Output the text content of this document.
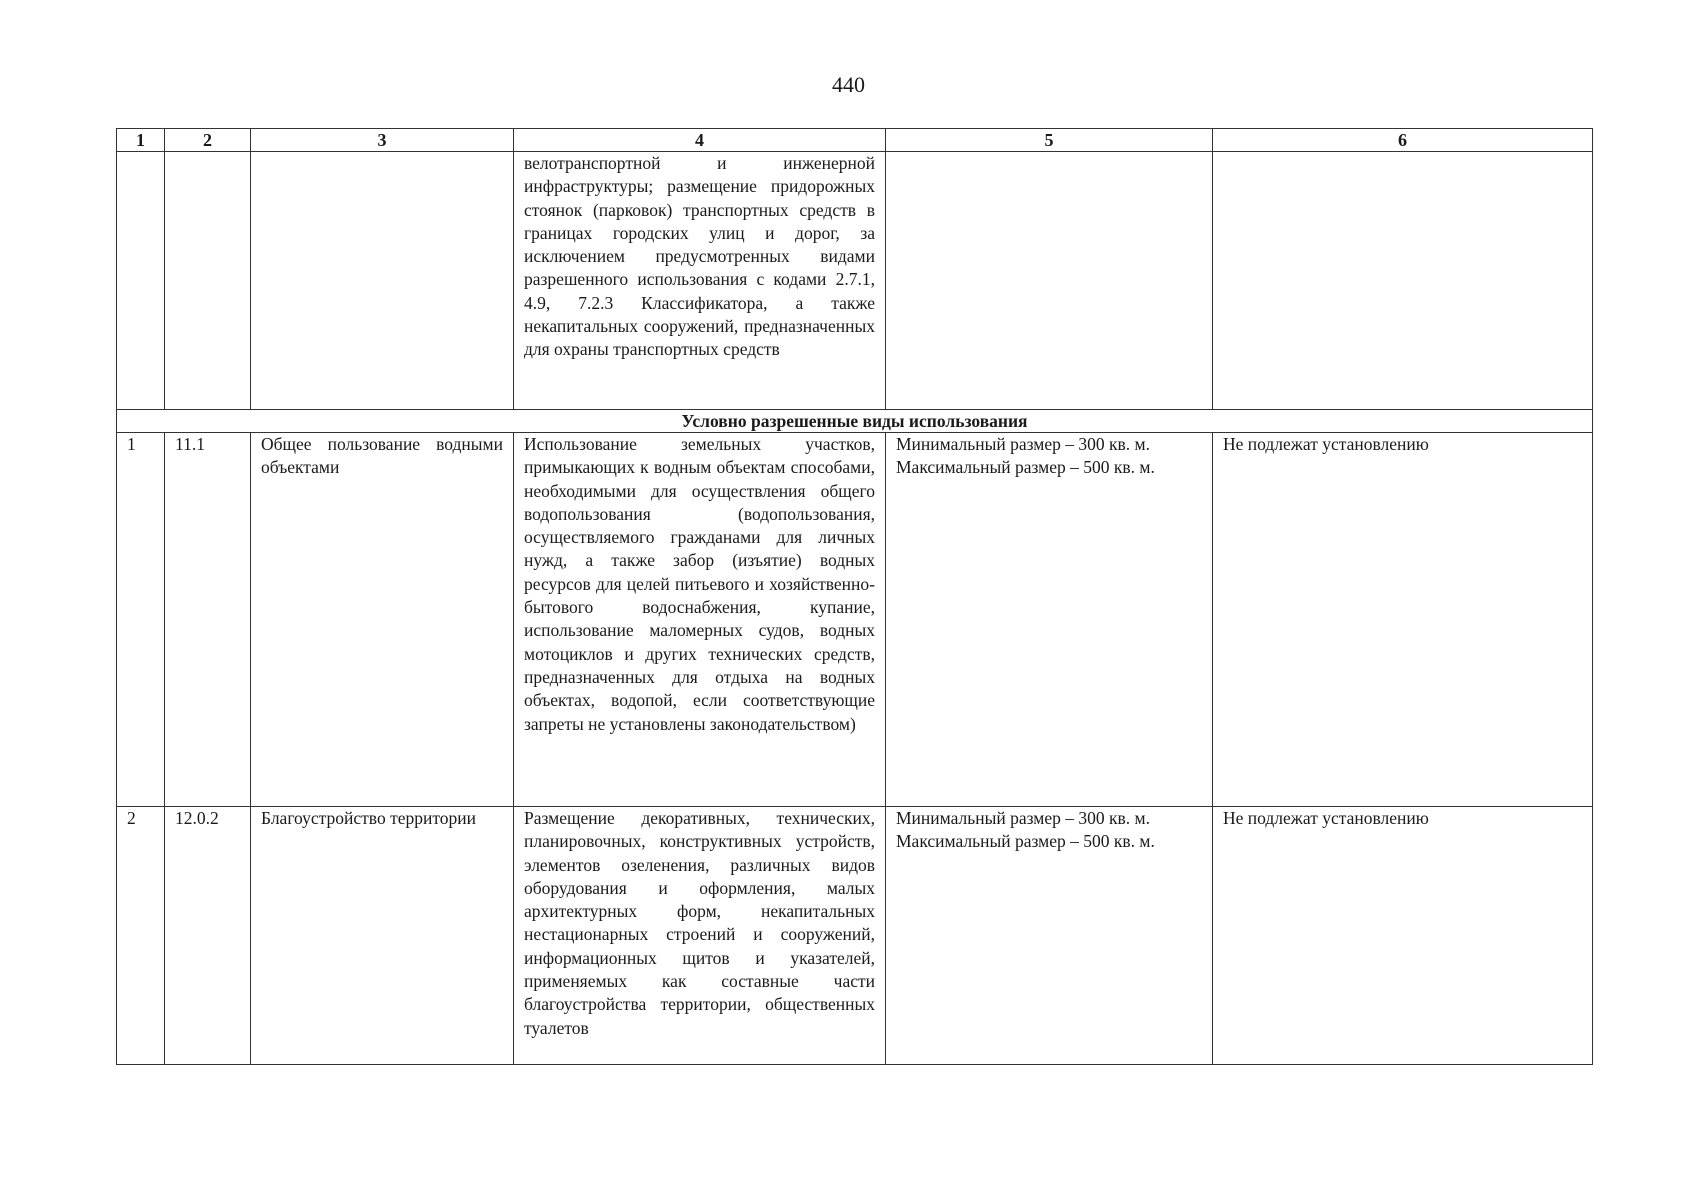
440
1	2	3	4	5	6
			велотранспортной и инженерной инфраструктуры; размещение придорожных стоянок (парковок) транспортных средств в границах городских улиц и дорог, за исключением предусмотренных видами разрешенного использования с кодами 2.7.1, 4.9, 7.2.3 Классификатора, а также некапитальных сооружений, предназначенных для охраны транспортных средств		
Условно разрешенные виды использования					
1	11.1	Общее пользование водными объектами	Использование земельных участков, примыкающих к водным объектам способами, необходимыми для осуществления общего водопользования (водопользования, осуществляемого гражданами для личных нужд, а также забор (изъятие) водных ресурсов для целей питьевого и хозяйственно-бытового водоснабжения, купание, использование маломерных судов, водных мотоциклов и других технических средств, предназначенных для отдыха на водных объектах, водопой, если соответствующие запреты не установлены законодательством)	Минимальный размер – 300 кв. м.
Максимальный размер – 500 кв. м.	Не подлежат установлению
2	12.0.2	Благоустройство территории	Размещение декоративных, технических, планировочных, конструктивных устройств, элементов озеленения, различных видов оборудования и оформления, малых архитектурных форм, некапитальных нестационарных строений и сооружений, информационных щитов и указателей, применяемых как составные части благоустройства территории, общественных туалетов	Минимальный размер – 300 кв. м.
Максимальный размер – 500 кв. м.	Не подлежат установлению
